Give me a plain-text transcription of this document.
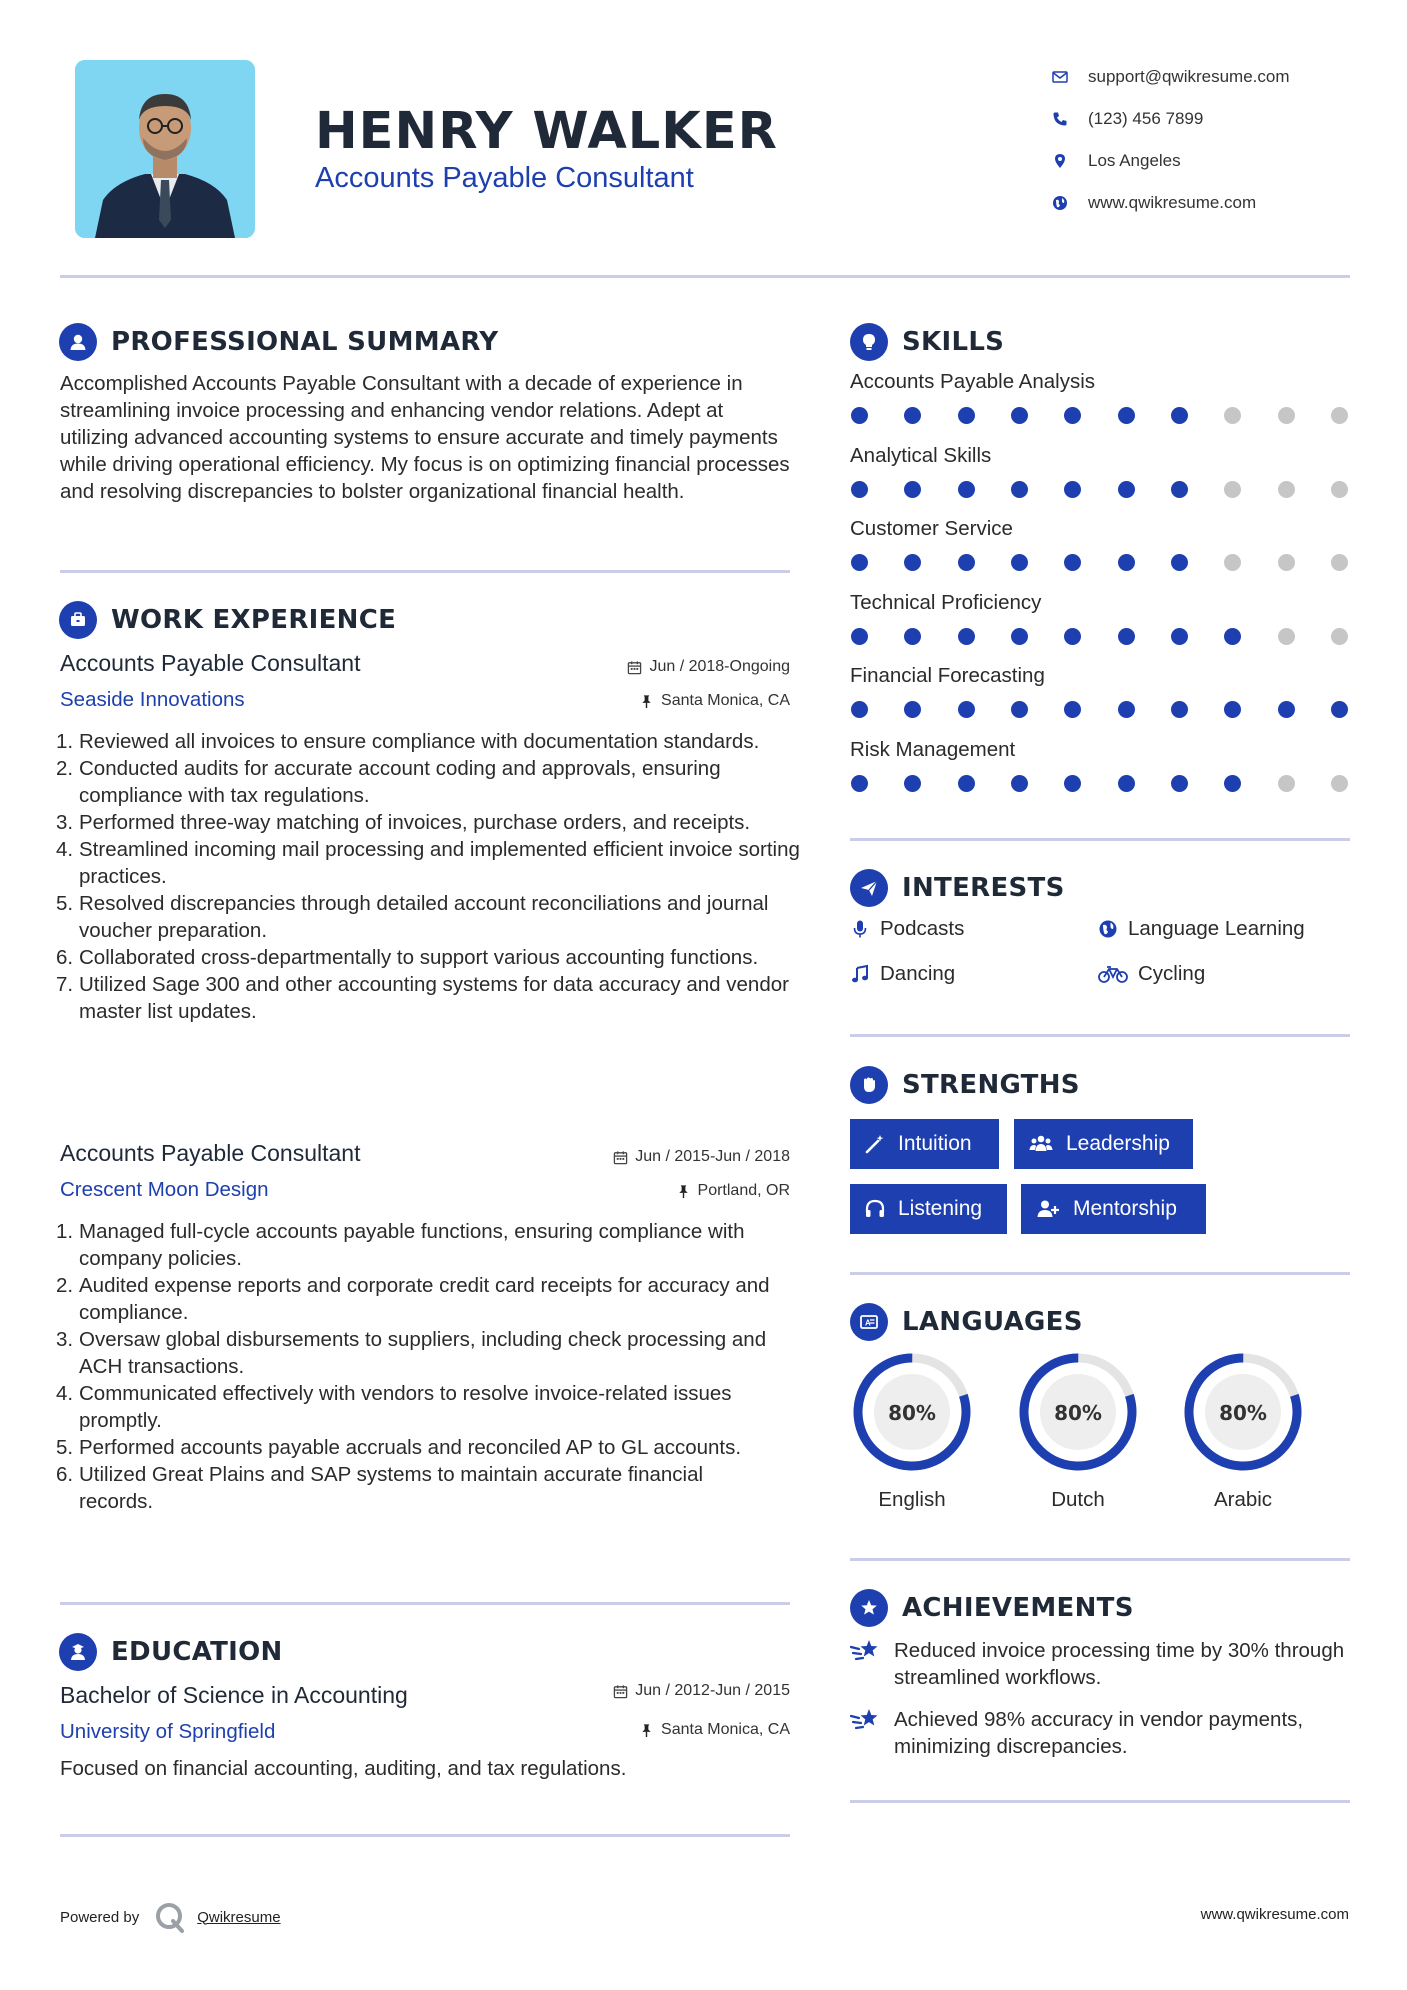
HENRY WALKER
Accounts Payable Consultant
support@qwikresume.com
(123) 456 7899
Los Angeles
www.qwikresume.com
PROFESSIONAL SUMMARY
Accomplished Accounts Payable Consultant with a decade of experience in streamlining invoice processing and enhancing vendor relations. Adept at utilizing advanced accounting systems to ensure accurate and timely payments while driving operational efficiency. My focus is on optimizing financial processes and resolving discrepancies to bolster organizational financial health.
WORK EXPERIENCE
Accounts Payable Consultant	Jun / 2018-Ongoing
Seaside Innovations	Santa Monica, CA
1. Reviewed all invoices to ensure compliance with documentation standards.
2. Conducted audits for accurate account coding and approvals, ensuring compliance with tax regulations.
3. Performed three-way matching of invoices, purchase orders, and receipts.
4. Streamlined incoming mail processing and implemented efficient invoice sorting practices.
5. Resolved discrepancies through detailed account reconciliations and journal voucher preparation.
6. Collaborated cross-departmentally to support various accounting functions.
7. Utilized Sage 300 and other accounting systems for data accuracy and vendor master list updates.
Accounts Payable Consultant	Jun / 2015-Jun / 2018
Crescent Moon Design	Portland, OR
1. Managed full-cycle accounts payable functions, ensuring compliance with company policies.
2. Audited expense reports and corporate credit card receipts for accuracy and compliance.
3. Oversaw global disbursements to suppliers, including check processing and ACH transactions.
4. Communicated effectively with vendors to resolve invoice-related issues promptly.
5. Performed accounts payable accruals and reconciled AP to GL accounts.
6. Utilized Great Plains and SAP systems to maintain accurate financial records.
EDUCATION
Bachelor of Science in Accounting	Jun / 2012-Jun / 2015
University of Springfield	Santa Monica, CA
Focused on financial accounting, auditing, and tax regulations.
SKILLS
Accounts Payable Analysis
Analytical Skills
Customer Service
Technical Proficiency
Financial Forecasting
Risk Management
INTERESTS
Podcasts	Language Learning
Dancing	Cycling
STRENGTHS
Intuition	Leadership
Listening	Mentorship
A LANGUAGES
80%
English
80%
Dutch
80%
Arabic
ACHIEVEMENTS
Reduced invoice processing time by 30% through streamlined workflows.
Achieved 98% accuracy in vendor payments, minimizing discrepancies.
Powered by	Qwikresume	www.qwikresume.com
